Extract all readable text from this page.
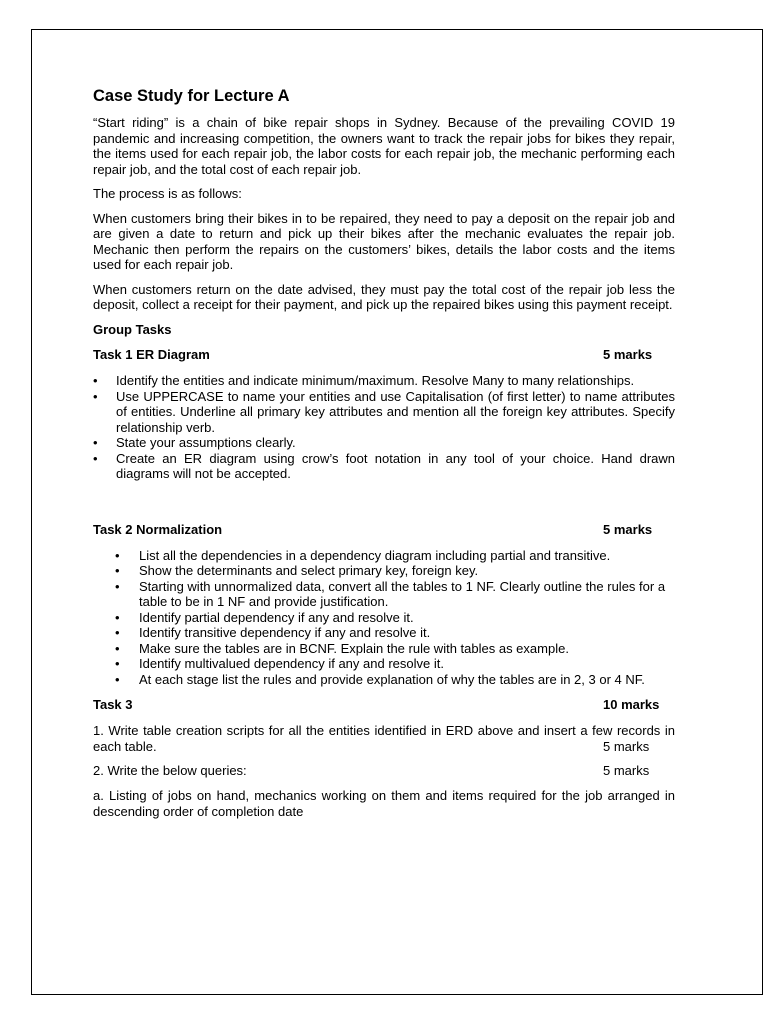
Case Study for Lecture A

“Start riding” is a chain of bike repair shops in Sydney. Because of the prevailing COVID 19 pandemic and increasing competition, the owners want to track the repair jobs for bikes they repair, the items used for each repair job, the labor costs for each repair job, the mechanic performing each repair job, and the total cost of each repair job.

The process is as follows:

When customers bring their bikes in to be repaired, they need to pay a deposit on the repair job and are given a date to return and pick up their bikes after the mechanic evaluates the repair job. Mechanic then perform the repairs on the customers’ bikes, details the labor costs and the items used for each repair job.

When customers return on the date advised, they must pay the total cost of the repair job less the deposit, collect a receipt for their payment, and pick up the repaired bikes using this payment receipt.

Group Tasks
Task 1 ER Diagram	5 marks
• Identify the entities and indicate minimum/maximum. Resolve Many to many relationships.
• Use UPPERCASE to name your entities and use Capitalisation (of first letter) to name attributes of entities. Underline all primary key attributes and mention all the foreign key attributes. Specify relationship verb.
• State your assumptions clearly.
• Create an ER diagram using crow’s foot notation in any tool of your choice. Hand drawn diagrams will not be accepted.
Task 2 Normalization	5 marks
• List all the dependencies in a dependency diagram including partial and transitive.
• Show the determinants and select primary key, foreign key.
• Starting with unnormalized data, convert all the tables to 1 NF. Clearly outline the rules for a table to be in 1 NF and provide justification.
• Identify partial dependency if any and resolve it.
• Identify transitive dependency if any and resolve it.
• Make sure the tables are in BCNF. Explain the rule with tables as example.
• Identify multivalued dependency if any and resolve it.
• At each stage list the rules and provide explanation of why the tables are in 2, 3 or 4 NF.
Task 3	10 marks

1. Write table creation scripts for all the entities identified in ERD above and insert a few records in each table.	5 marks
2. Write the below queries:	5 marks

a. Listing of jobs on hand, mechanics working on them and items required for the job arranged in descending order of completion date
